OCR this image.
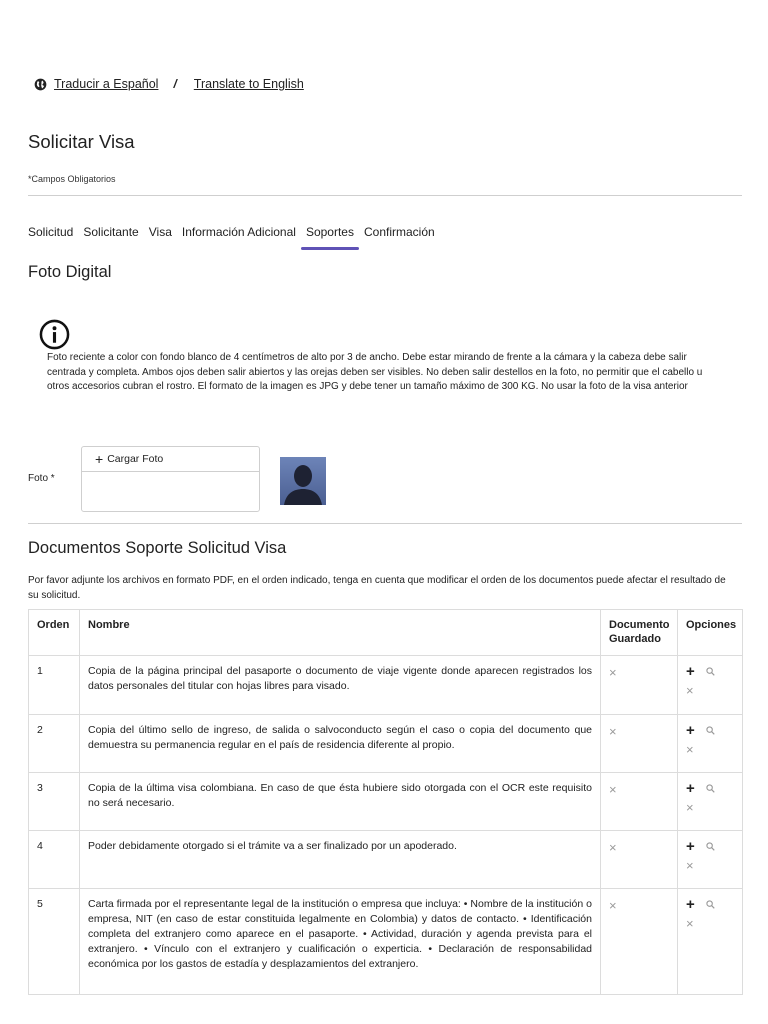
Traducir a Español / Translate to English
Solicitar Visa
*Campos Obligatorios
Solicitud Solicitante Visa Información Adicional Soportes Confirmación
Foto Digital
Foto reciente a color con fondo blanco de 4 centímetros de alto por 3 de ancho. Debe estar mirando de frente a la cámara y la cabeza debe salir centrada y completa. Ambos ojos deben salir abiertos y las orejas deben ser visibles. No deben salir destellos en la foto, no permitir que el cabello u otros accesorios cubran el rostro. El formato de la imagen es JPG y debe tener un tamaño máximo de 300 KG. No usar la foto de la visa anterior
Foto *
+ Cargar Foto
Documentos Soporte Solicitud Visa
Por favor adjunte los archivos en formato PDF, en el orden indicado, tenga en cuenta que modificar el orden de los documentos puede afectar el resultado de su solicitud.
Orden	Nombre	Documento Guardado	Opciones
1	Copia de la página principal del pasaporte o documento de viaje vigente donde aparecen registrados los datos personales del titular con hojas libres para visado.	×	+
×

2	Copia del último sello de ingreso, de salida o salvoconducto según el caso o copia del documento que demuestra su permanencia regular en el país de residencia diferente al propio.	×	+
×

3	Copia de la última visa colombiana. En caso de que ésta hubiere sido otorgada con el OCR este requisito no será necesario.	×	+
×

4	Poder debidamente otorgado si el trámite va a ser finalizado por un apoderado.	×	+
×

5	Carta firmada por el representante legal de la institución o empresa que incluya: • Nombre de la institución o empresa, NIT (en caso de estar constituida legalmente en Colombia) y datos de contacto. • Identificación completa del extranjero como aparece en el pasaporte. • Actividad, duración y agenda prevista para el extranjero. • Vínculo con el extranjero y cualificación o experticia. • Declaración de responsabilidad económica por los gastos de estadía y desplazamientos del extranjero.	×	+
×
